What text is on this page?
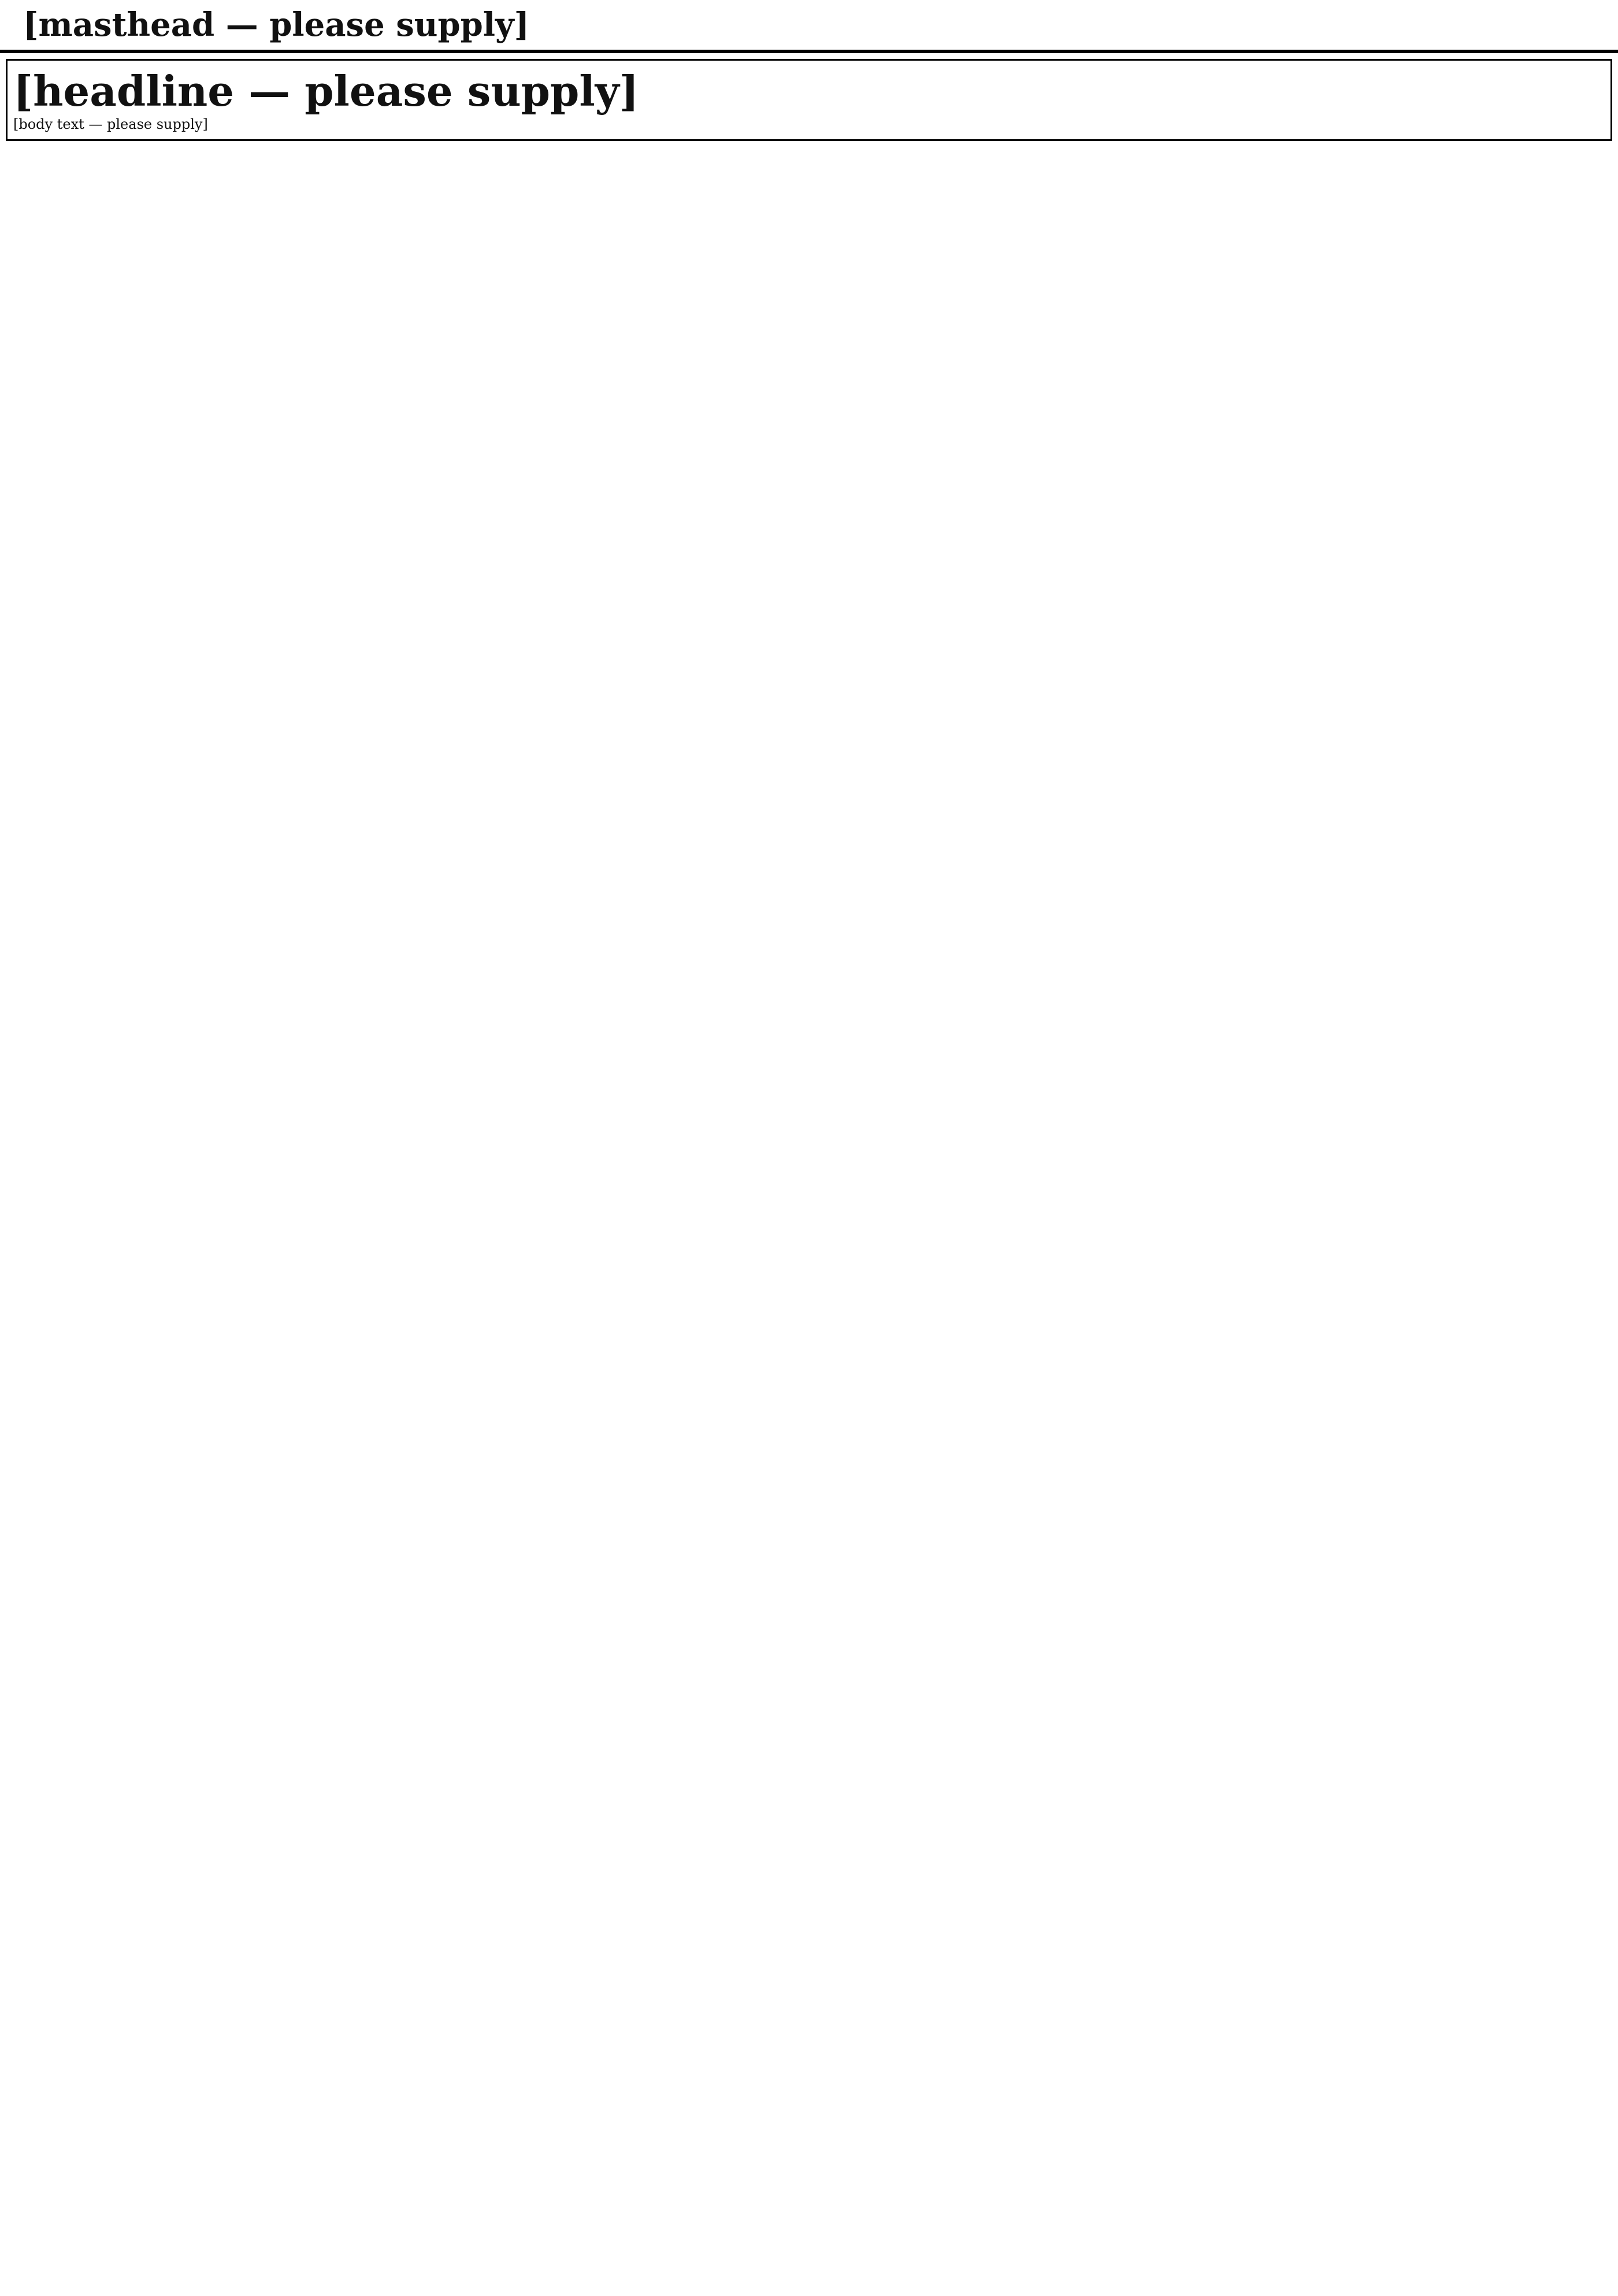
[masthead — please supply]
[headline — please supply]
[body text — please supply]
